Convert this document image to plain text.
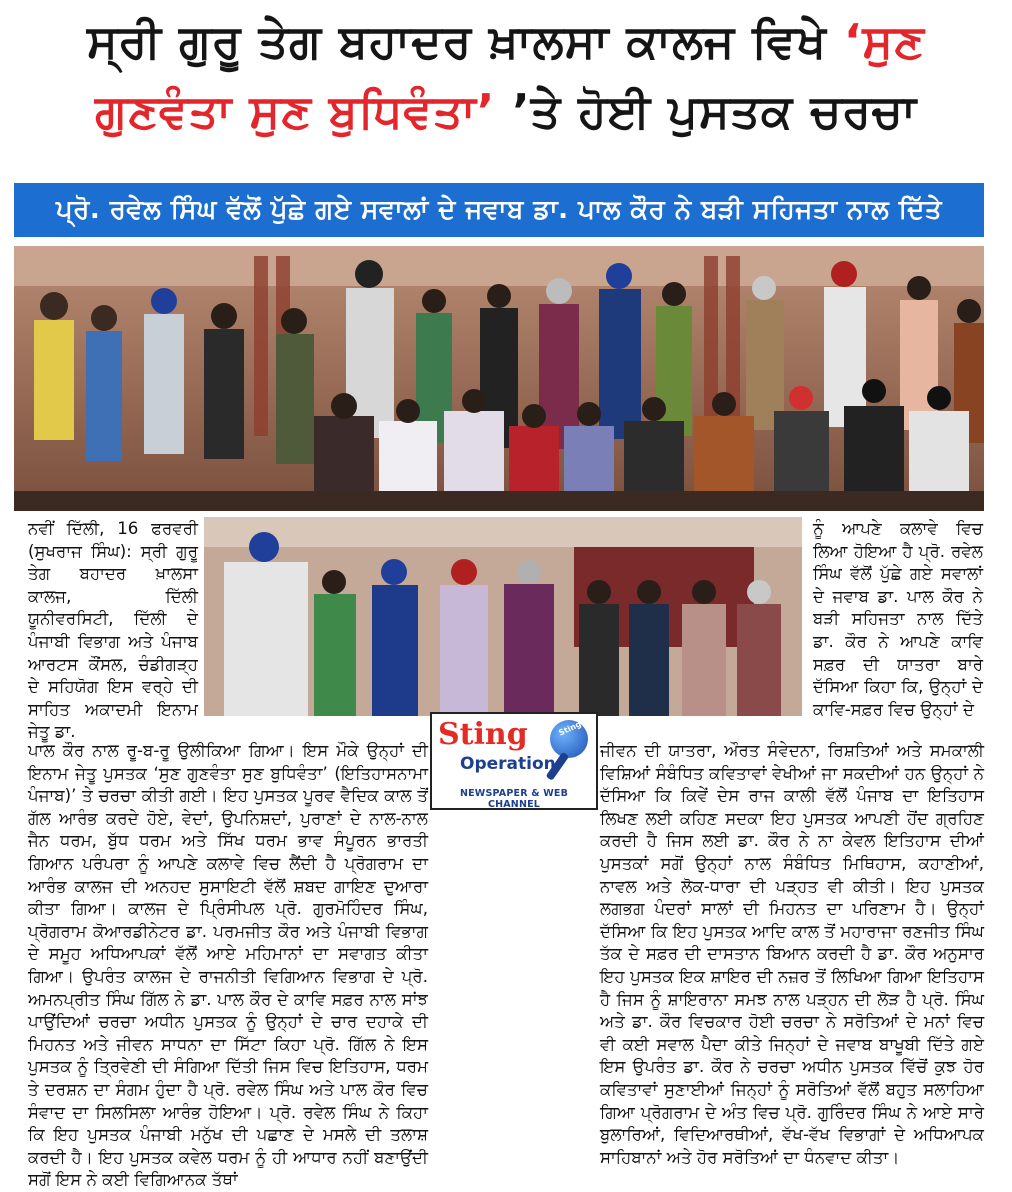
ਸ੍ਰੀ ਗੁਰੂ ਤੇਗ ਬਹਾਦਰ ਖ਼ਾਲਸਾ ਕਾਲਜ ਵਿਖੇ ‘ਸੁਣ
ਗੁਣਵੰਤਾ ਸੁਣ ਬੁਧਿਵੰਤਾ’ ’ਤੇ ਹੋਈ ਪੁਸਤਕ ਚਰਚਾ
ਪ੍ਰੋ. ਰਵੇਲ ਸਿੰਘ ਵੱਲੋਂ ਪੁੱਛੇ ਗਏ ਸਵਾਲਾਂ ਦੇ ਜਵਾਬ ਡਾ. ਪਾਲ ਕੌਰ ਨੇ ਬੜੀ ਸਹਿਜਤਾ ਨਾਲ ਦਿੱਤੇ

ਨਵੀਂ ਦਿੱਲੀ, 16 ਫਰਵਰੀ (ਸੁਖਰਾਜ ਸਿੰਘ): ਸ੍ਰੀ ਗੁਰੂ ਤੇਗ ਬਹਾਦਰ ਖ਼ਾਲਸਾ ਕਾਲਜ, ਦਿੱਲੀ ਯੂਨੀਵਰਸਿਟੀ, ਦਿੱਲੀ ਦੇ ਪੰਜਾਬੀ ਵਿਭਾਗ ਅਤੇ ਪੰਜਾਬ ਆਰਟਸ ਕੌਂਸਲ, ਚੰਡੀਗੜ੍ਹ ਦੇ ਸਹਿਯੋਗ ਇਸ ਵਰ੍ਹੇ ਦੀ ਸਾਹਿਤ ਅਕਾਦਮੀ ਇਨਾਮ ਜੇਤੂ ਡਾ.

ਨੂੰ ਆਪਣੇ ਕਲਾਵੇ ਵਿਚ ਲਿਆ ਹੋਇਆ ਹੈ ਪ੍ਰੋ. ਰਵੇਲ ਸਿੰਘ ਵੱਲੋਂ ਪੁੱਛੇ ਗਏ ਸਵਾਲਾਂ ਦੇ ਜਵਾਬ ਡਾ. ਪਾਲ ਕੌਰ ਨੇ ਬੜੀ ਸਹਿਜਤਾ ਨਾਲ ਦਿੱਤੇ ਡਾ. ਕੌਰ ਨੇ ਆਪਣੇ ਕਾਵਿ ਸਫ਼ਰ ਦੀ ਯਾਤਰਾ ਬਾਰੇ ਦੱਸਿਆ ਕਿਹਾ ਕਿ, ਉਨ੍ਹਾਂ ਦੇ ਕਾਵਿ-ਸਫ਼ਰ ਵਿਚ ਉਨ੍ਹਾਂ ਦੇ

ਪਾਲ ਕੌਰ ਨਾਲ ਰੂ-ਬ-ਰੂ ਉਲੀਕਿਆ ਗਿਆ। ਇਸ ਮੌਕੇ ਉਨ੍ਹਾਂ ਦੀ ਇਨਾਮ ਜੇਤੂ ਪੁਸਤਕ ‘ਸੁਣ ਗੁਣਵੰਤਾ ਸੁਣ ਬੁਧਿਵੰਤਾ’ (ਇਤਿਹਾਸਨਾਮਾ ਪੰਜਾਬ)’ ਤੇ ਚਰਚਾ ਕੀਤੀ ਗਈ। ਇਹ ਪੁਸਤਕ ਪੂਰਵ ਵੈਦਿਕ ਕਾਲ ਤੋਂ ਗੱਲ ਆਰੰਭ ਕਰਦੇ ਹੋਏ, ਵੇਦਾਂ, ਉਪਨਿਸ਼ਦਾਂ, ਪੁਰਾਣਾਂ ਦੇ ਨਾਲ-ਨਾਲ ਜੈਨ ਧਰਮ, ਬੁੱਧ ਧਰਮ ਅਤੇ ਸਿੱਖ ਧਰਮ ਭਾਵ ਸੰਪੂਰਨ ਭਾਰਤੀ ਗਿਆਨ ਪਰੰਪਰਾ ਨੂੰ ਆਪਣੇ ਕਲਾਵੇ ਵਿਚ ਲੈਂਦੀ ਹੈ ਪ੍ਰੋਗਰਾਮ ਦਾ ਆਰੰਭ ਕਾਲਜ ਦੀ ਅਨਹਦ ਸੁਸਾਇਟੀ ਵੱਲੋਂ ਸ਼ਬਦ ਗਾਇਣ ਦੁਆਰਾ ਕੀਤਾ ਗਿਆ। ਕਾਲਜ ਦੇ ਪ੍ਰਿੰਸੀਪਲ ਪ੍ਰੋ. ਗੁਰਮੋਹਿੰਦਰ ਸਿੰਘ, ਪ੍ਰੋਗਰਾਮ ਕੋਆਰਡੀਨੇਟਰ ਡਾ. ਪਰਮਜੀਤ ਕੌਰ ਅਤੇ ਪੰਜਾਬੀ ਵਿਭਾਗ ਦੇ ਸਮੂਹ ਅਧਿਆਪਕਾਂ ਵੱਲੋਂ ਆਏ ਮਹਿਮਾਨਾਂ ਦਾ ਸਵਾਗਤ ਕੀਤਾ ਗਿਆ। ਉਪਰੰਤ ਕਾਲਜ ਦੇ ਰਾਜਨੀਤੀ ਵਿਗਿਆਨ ਵਿਭਾਗ ਦੇ ਪ੍ਰੋ. ਅਮਨਪ੍ਰੀਤ ਸਿੰਘ ਗਿੱਲ ਨੇ ਡਾ. ਪਾਲ ਕੌਰ ਦੇ ਕਾਵਿ ਸਫ਼ਰ ਨਾਲ ਸਾਂਝ ਪਾਉਂਦਿਆਂ ਚਰਚਾ ਅਧੀਨ ਪੁਸਤਕ ਨੂੰ ਉਨ੍ਹਾਂ ਦੇ ਚਾਰ ਦਹਾਕੇ ਦੀ ਮਿਹਨਤ ਅਤੇ ਜੀਵਨ ਸਾਧਨਾ ਦਾ ਸਿੱਟਾ ਕਿਹਾ ਪ੍ਰੋ. ਗਿੱਲ ਨੇ ਇਸ ਪੁਸਤਕ ਨੂੰ ਤ੍ਰਿਵੇਣੀ ਦੀ ਸੰਗਿਆ ਦਿੱਤੀ ਜਿਸ ਵਿਚ ਇਤਿਹਾਸ, ਧਰਮ ਤੇ ਦਰਸ਼ਨ ਦਾ ਸੰਗਮ ਹੁੰਦਾ ਹੈ ਪ੍ਰੋ. ਰਵੇਲ ਸਿੰਘ ਅਤੇ ਪਾਲ ਕੌਰ ਵਿਚ ਸੰਵਾਦ ਦਾ ਸਿਲਸਿਲਾ ਆਰੰਭ ਹੋਇਆ। ਪ੍ਰੋ. ਰਵੇਲ ਸਿੰਘ ਨੇ ਕਿਹਾ ਕਿ ਇਹ ਪੁਸਤਕ ਪੰਜਾਬੀ ਮਨੁੱਖ ਦੀ ਪਛਾਣ ਦੇ ਮਸਲੇ ਦੀ ਤਲਾਸ਼ ਕਰਦੀ ਹੈ। ਇਹ ਪੁਸਤਕ ਕਵੇਲ ਧਰਮ ਨੂੰ ਹੀ ਆਧਾਰ ਨਹੀਂ ਬਣਾਉਂਦੀ ਸਗੋਂ ਇਸ ਨੇ ਕਈ ਵਿਗਿਆਨਕ ਤੱਥਾਂ

Sting	Sting
Operation
NEWSPAPER & WEB CHANNEL

ਜੀਵਨ ਦੀ ਯਾਤਰਾ, ਔਰਤ ਸੰਵੇਦਨਾ, ਰਿਸ਼ਤਿਆਂ ਅਤੇ ਸਮਕਾਲੀ ਵਿਸ਼ਿਆਂ ਸੰਬੰਧਿਤ ਕਵਿਤਾਵਾਂ ਵੇਖੀਆਂ ਜਾ ਸਕਦੀਆਂ ਹਨ ਉਨ੍ਹਾਂ ਨੇ ਦੱਸਿਆ ਕਿ ਕਿਵੇਂ ਦੇਸ ਰਾਜ ਕਾਲੀ ਵੱਲੋਂ ਪੰਜਾਬ ਦਾ ਇਤਿਹਾਸ ਲਿਖਣ ਲਈ ਕਹਿਣ ਸਦਕਾ ਇਹ ਪੁਸਤਕ ਆਪਣੀ ਹੋਂਦ ਗ੍ਰਹਿਣ ਕਰਦੀ ਹੈ ਜਿਸ ਲਈ ਡਾ. ਕੌਰ ਨੇ ਨਾ ਕੇਵਲ ਇਤਿਹਾਸ ਦੀਆਂ ਪੁਸਤਕਾਂ ਸਗੋਂ ਉਨ੍ਹਾਂ ਨਾਲ ਸੰਬੰਧਿਤ ਮਿਥਿਹਾਸ, ਕਹਾਣੀਆਂ, ਨਾਵਲ ਅਤੇ ਲੋਕ-ਧਾਰਾ ਦੀ ਪੜ੍ਹਤ ਵੀ ਕੀਤੀ। ਇਹ ਪੁਸਤਕ ਲਗਭਗ ਪੰਦਰਾਂ ਸਾਲਾਂ ਦੀ ਮਿਹਨਤ ਦਾ ਪਰਿਣਾਮ ਹੈ। ਉਨ੍ਹਾਂ ਦੱਸਿਆ ਕਿ ਇਹ ਪੁਸਤਕ ਆਦਿ ਕਾਲ ਤੋਂ ਮਹਾਰਾਜਾ ਰਣਜੀਤ ਸਿੰਘ ਤੱਕ ਦੇ ਸਫ਼ਰ ਦੀ ਦਾਸਤਾਨ ਬਿਆਨ ਕਰਦੀ ਹੈ ਡਾ. ਕੌਰ ਅਨੁਸਾਰ ਇਹ ਪੁਸਤਕ ਇਕ ਸ਼ਾਇਰ ਦੀ ਨਜ਼ਰ ਤੋਂ ਲਿਖਿਆ ਗਿਆ ਇਤਿਹਾਸ ਹੈ ਜਿਸ ਨੂੰ ਸ਼ਾਇਰਾਨਾ ਸਮਝ ਨਾਲ ਪੜ੍ਹਨ ਦੀ ਲੋੜ ਹੈ ਪ੍ਰੋ. ਸਿੰਘ ਅਤੇ ਡਾ. ਕੌਰ ਵਿਚਕਾਰ ਹੋਈ ਚਰਚਾ ਨੇ ਸਰੋਤਿਆਂ ਦੇ ਮਨਾਂ ਵਿਚ ਵੀ ਕਈ ਸਵਾਲ ਪੈਦਾ ਕੀਤੇ ਜਿਨ੍ਹਾਂ ਦੇ ਜਵਾਬ ਬਾਖੂਬੀ ਦਿੱਤੇ ਗਏ ਇਸ ਉਪਰੰਤ ਡਾ. ਕੌਰ ਨੇ ਚਰਚਾ ਅਧੀਨ ਪੁਸਤਕ ਵਿੱਚੋਂ ਕੁਝ ਹੋਰ ਕਵਿਤਾਵਾਂ ਸੁਣਾਈਆਂ ਜਿਨ੍ਹਾਂ ਨੂੰ ਸਰੋਤਿਆਂ ਵੱਲੋਂ ਬਹੁਤ ਸਲਾਹਿਆ ਗਿਆ ਪ੍ਰੋਗਰਾਮ ਦੇ ਅੰਤ ਵਿਚ ਪ੍ਰੋ. ਗੁਰਿੰਦਰ ਸਿੰਘ ਨੇ ਆਏ ਸਾਰੇ ਬੁਲਾਰਿਆਂ, ਵਿਦਿਆਰਥੀਆਂ, ਵੱਖ-ਵੱਖ ਵਿਭਾਗਾਂ ਦੇ ਅਧਿਆਪਕ ਸਾਹਿਬਾਨਾਂ ਅਤੇ ਹੋਰ ਸਰੋਤਿਆਂ ਦਾ ਧੰਨਵਾਦ ਕੀਤਾ।
